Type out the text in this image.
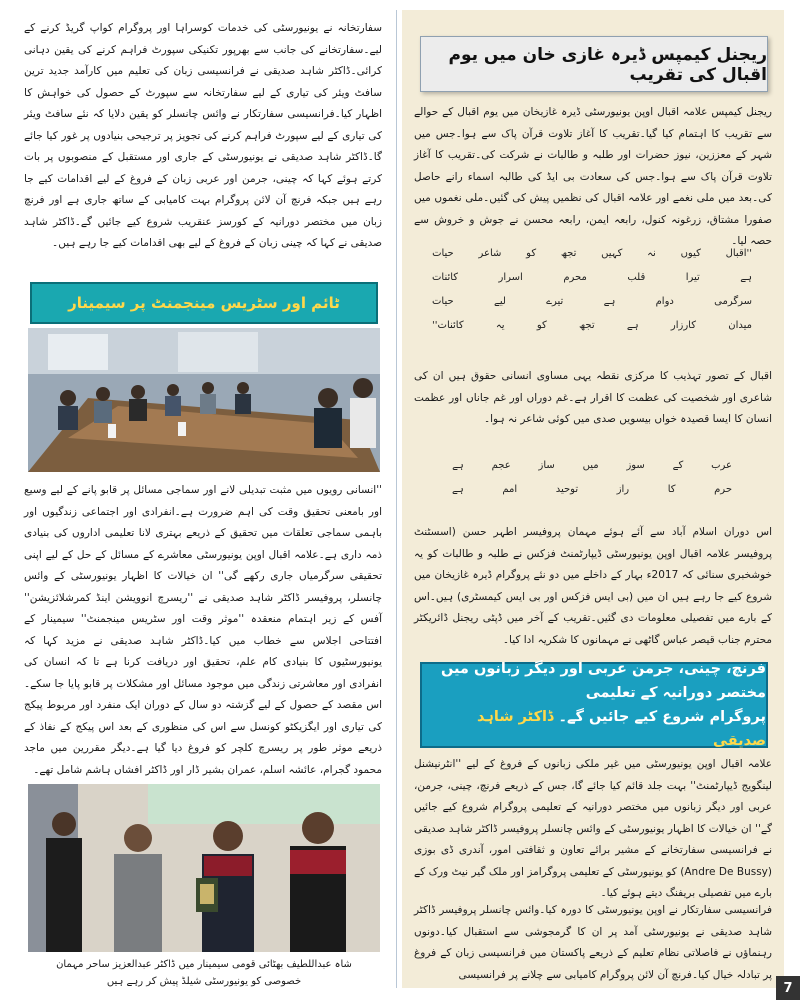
سفارتخانہ نے یونیورسٹی کی خدمات کوسراہا اور پروگرام کواپ گریڈ کرنے کے لیے۔سفارتخانے کی جانب سے بھرپور تکنیکی سپورٹ فراہم کرنے کی یقین دہانی کرائی۔ڈاکٹر شاہد صدیقی نے فرانسیسی زبان کی تعلیم میں کارآمد جدید ترین سافٹ ویئر کی تیاری کے لیے سفارتخانہ سے سپورٹ کے حصول کی خواہش کا اظہار کیا۔فرانسیسی سفارتکار نے وائس چانسلر کو یقین دلایا کہ نئے سافٹ ویئر کی تیاری کے لیے سپورٹ فراہم کرنے کی تجویز پر ترجیحی بنیادوں پر غور کیا جائے گا۔ڈاکٹر شاہد صدیقی نے یونیورسٹی کے جاری اور مستقبل کے منصوبوں پر بات کرتے ہوئے کہا کہ چینی، جرمن اور عربی زبان کے فروغ کے لیے اقدامات کیے جا رہے ہیں جبکہ فرنچ آن لائن پروگرام بہت کامیابی کے ساتھ جاری ہے اور فرنچ زبان میں مختصر دورانیہ کے کورسز عنقریب شروع کیے جائیں گے۔ڈاکٹر شاہد صدیقی نے کہا کہ چینی زبان کے فروغ کے لیے بھی اقدامات کیے جا رہے ہیں۔

ٹائم اور سٹریس مینجمنٹ پر سیمینار

''انسانی رویوں میں مثبت تبدیلی لانے اور سماجی مسائل پر قابو پانے کے لیے وسیع اور بامعنی تحقیق وقت کی اہم ضرورت ہے۔انفرادی اور اجتماعی زندگیوں اور باہمی سماجی تعلقات میں تحقیق کے ذریعے بہتری لانا تعلیمی اداروں کی بنیادی ذمہ داری ہے۔علامہ اقبال اوپن یونیورسٹی معاشرے کے مسائل کے حل کے لیے اپنی تحقیقی سرگرمیاں جاری رکھے گی'' ان خیالات کا اظہار یونیورسٹی کے وائس چانسلر، پروفیسر ڈاکٹر شاہد صدیقی نے ''ریسرچ انوویشن اینڈ کمرشلائزیشن'' آفس کے زیر اہتمام منعقدہ ''موثر وقت اور سٹریس مینجمنٹ'' سیمینار کے افتتاحی اجلاس سے خطاب میں کیا۔ڈاکٹر شاہد صدیقی نے مزید کہا کہ یونیورسٹیوں کا بنیادی کام علم، تحقیق اور دریافت کرنا ہے تا کہ انسان کی انفرادی اور معاشرتی زندگی میں موجود مسائل اور مشکلات پر قابو پایا جا سکے۔اس مقصد کے حصول کے لیے گزشتہ دو سال کے دوران ایک منفرد اور مربوط پیکج کی تیاری اور ایگزیکٹو کونسل سے اس کی منظوری کے بعد اس پیکج کے نفاذ کے ذریعے موثر طور پر ریسرچ کلچر کو فروغ دیا گیا ہے۔دیگر مقررین میں ماجد محمود گجرام، عائشہ اسلم، عمران بشیر ڈار اور ڈاکٹر افشاں ہاشم شامل تھے۔

شاہ عبداللطیف بھٹائی قومی سیمینار میں ڈاکٹر عبدالعزیز ساحر مہمان خصوصی کو یونیورسٹی شیلڈ پیش کر رہے ہیں

ریجنل کیمپس ڈیرہ غازی خان میں یوم اقبال کی تقریب

ریجنل کیمپس علامہ اقبال اوپن یونیورسٹی ڈیرہ غازیخان میں یوم اقبال کے حوالے سے تقریب کا اہتمام کیا گیا۔تقریب کا آغاز تلاوت قرآن پاک سے ہوا۔جس میں شہر کے معززین، نیوز حضرات اور طلبہ و طالبات نے شرکت کی۔تقریب کا آغاز تلاوت قرآن پاک سے ہوا۔جس کی سعادت بی ایڈ کی طالبہ اسماء رانے حاصل کی۔بعد میں ملی نغمے اور علامہ اقبال کی نظمیں پیش کی گئیں۔ملی نغموں میں صفورا مشتاق، زرغونہ کنول، رابعہ ایمن، رابعہ محسن نے جوش و خروش سے حصہ لیا۔

''اقبال
کیوں
نہ
کہیں
تجھ
کو
شاعر
حیات
ہے
تیرا
قلب
محرم
اسرار
کائنات
سرگرمی
دوام
ہے
تیرے
لیے
حیات
میدان
کارزار
ہے
تجھ
کو
یہ
کائنات''

اقبال کے تصور تہذیب کا مرکزی نقطہ یہی مساوی انسانی حقوق ہیں ان کی شاعری اور شخصیت کی عظمت کا اقرار ہے۔غم دوراں اور غم جاناں اور عظمت انسان کا ایسا قصیدہ خواں بیسویں صدی میں کوئی شاعر نہ ہوا۔

عرب
کے
سوز
میں
ساز
عجم
ہے
حرم
کا
راز
توحید
امم
ہے

اس دوران اسلام آباد سے آئے ہوئے مہمان پروفیسر اطہر حسن (اسسٹنٹ پروفیسر علامہ اقبال اوپن یونیورسٹی ڈیپارٹمنٹ فزکس نے طلبہ و طالبات کو یہ خوشخبری سنائی کہ 2017ء بہار کے داخلے میں دو نئے پروگرام ڈیرہ غازیخان میں شروع کیے جا رہے ہیں ان میں (بی ایس فزکس اور بی ایس کیمسٹری) ہیں۔اس کے بارے میں تفصیلی معلومات دی گئیں۔تقریب کے آخر میں ڈپٹی ریجنل ڈائریکٹر محترم جناب قیصر عباس گاٹھی نے مہمانوں کا شکریہ ادا کیا۔

فرنچ، چینی، جرمن عربی اور دیگر زبانوں میں مختصر دورانیہ کے تعلیمی
پروگرام شروع کیے جائیں گے۔ ڈاکٹر شاہد صدیقی

علامہ اقبال اوپن یونیورسٹی میں غیر ملکی زبانوں کے فروغ کے لیے ''انٹرنیشنل لینگویج ڈیپارٹمنٹ'' بہت جلد قائم کیا جائے گا، جس کے ذریعے فرنچ، چینی، جرمن، عربی اور دیگر زبانوں میں مختصر دورانیہ کے تعلیمی پروگرام شروع کیے جائیں گے'' ان خیالات کا اظہار یونیورسٹی کے وائس چانسلر پروفیسر ڈاکٹر شاہد صدیقی نے فرانسیسی سفارتخانے کے مشیر برائے تعاون و ثقافتی امور، آندری ڈی بوزی (Andre De Bussy) کو یونیورسٹی کے تعلیمی پروگرامز اور ملک گیر نیٹ ورک کے بارے میں تفصیلی بریفنگ دیتے ہوئے کیا۔

فرانسیسی سفارتکار نے اوپن یونیورسٹی کا دورہ کیا۔وائس چانسلر پروفیسر ڈاکٹر شاہد صدیقی نے یونیورسٹی آمد پر ان کا گرمجوشی سے استقبال کیا۔دونوں رہنماؤں نے فاصلاتی نظام تعلیم کے ذریعے پاکستان میں فرانسیسی زبان کے فروغ پر تبادلہ خیال کیا۔فرنچ آن لائن پروگرام کامیابی سے چلانے پر فرانسیسی

7
